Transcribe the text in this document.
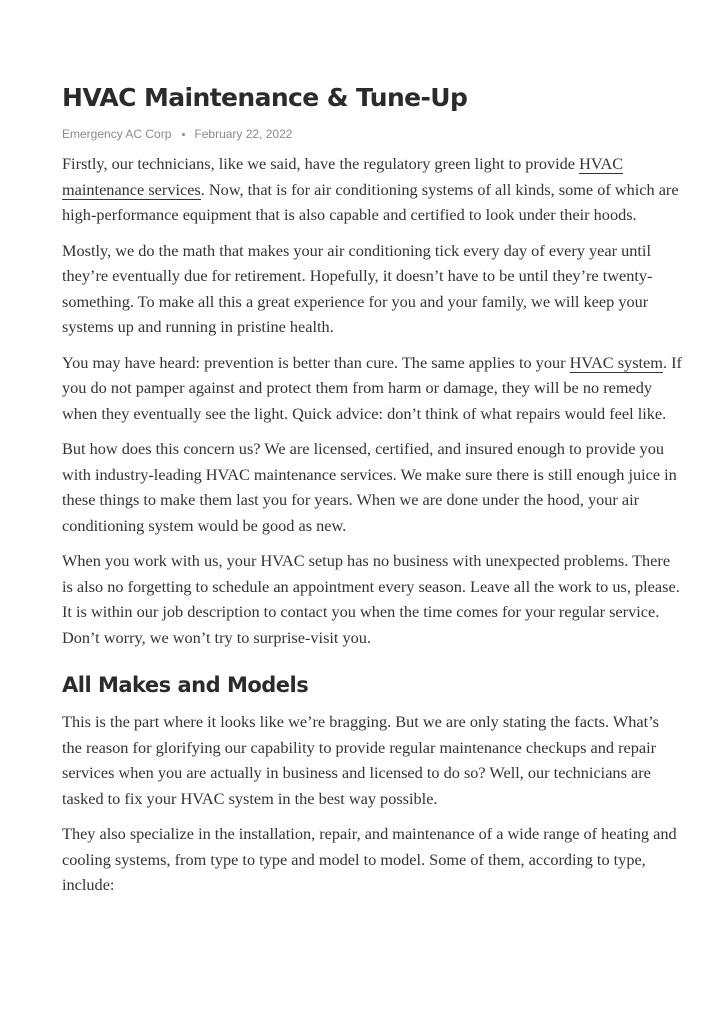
HVAC Maintenance & Tune-Up
Emergency AC Corp February 22, 2022

Firstly, our technicians, like we said, have the regulatory green light to provide HVAC maintenance services. Now, that is for air conditioning systems of all kinds, some of which are high-performance equipment that is also capable and certified to look under their hoods.

Mostly, we do the math that makes your air conditioning tick every day of every year until they’re eventually due for retirement. Hopefully, it doesn’t have to be until they’re twenty-something. To make all this a great experience for you and your family, we will keep your systems up and running in pristine health.

You may have heard: prevention is better than cure. The same applies to your HVAC system. If you do not pamper against and protect them from harm or damage, they will be no remedy when they eventually see the light. Quick advice: don’t think of what repairs would feel like.

But how does this concern us? We are licensed, certified, and insured enough to provide you with industry-leading HVAC maintenance services. We make sure there is still enough juice in these things to make them last you for years. When we are done under the hood, your air conditioning system would be good as new.

When you work with us, your HVAC setup has no business with unexpected problems. There is also no forgetting to schedule an appointment every season. Leave all the work to us, please. It is within our job description to contact you when the time comes for your regular service. Don’t worry, we won’t try to surprise-visit you.

All Makes and Models

This is the part where it looks like we’re bragging. But we are only stating the facts. What’s the reason for glorifying our capability to provide regular maintenance checkups and repair services when you are actually in business and licensed to do so? Well, our technicians are tasked to fix your HVAC system in the best way possible.

They also specialize in the installation, repair, and maintenance of a wide range of heating and cooling systems, from type to type and model to model. Some of them, according to type, include:
